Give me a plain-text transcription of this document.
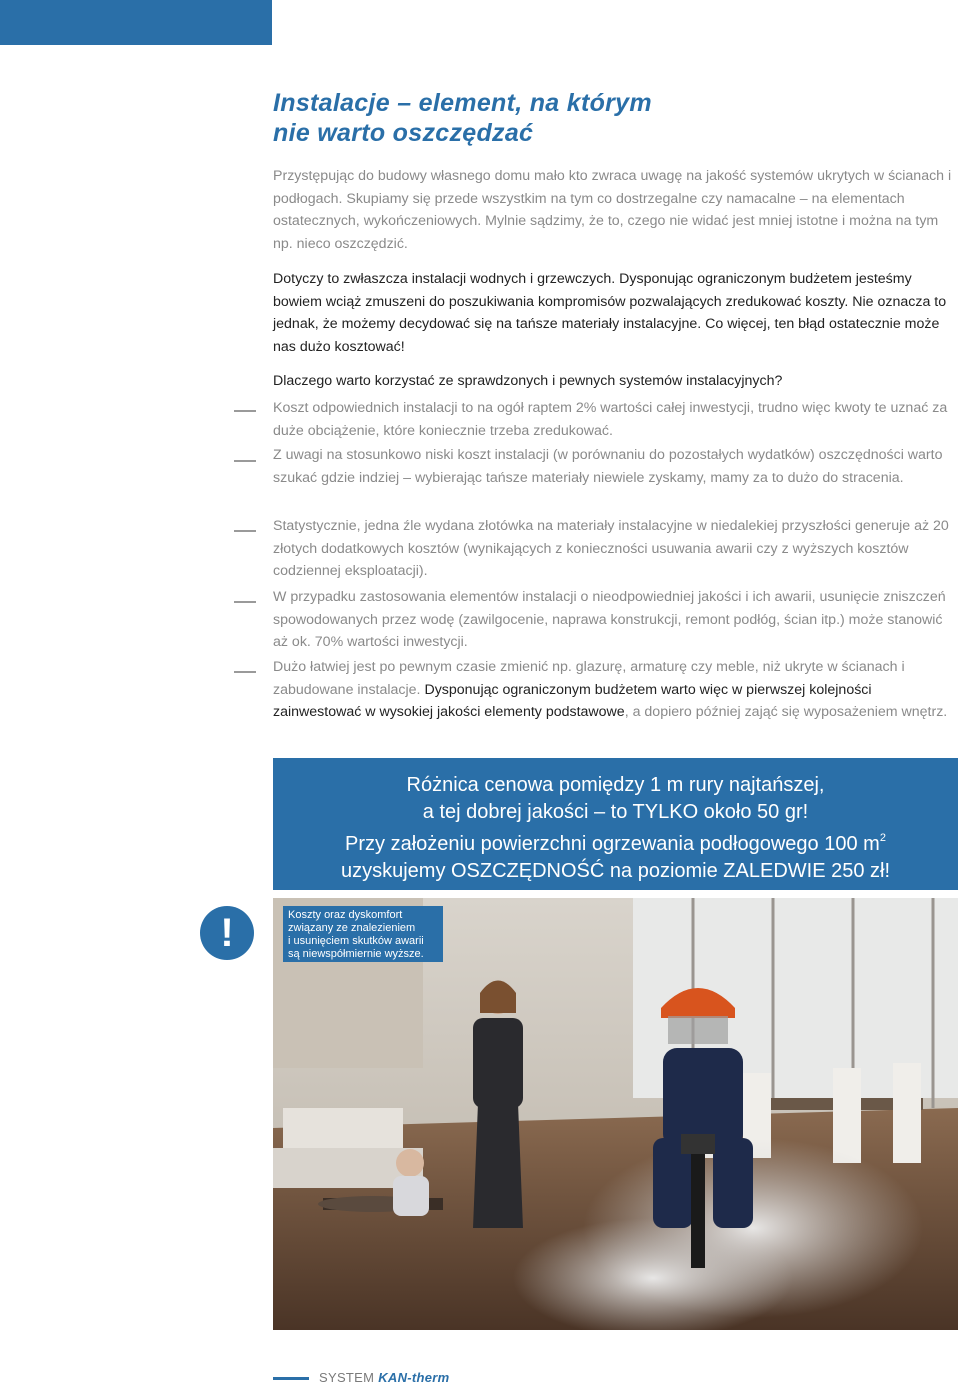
Instalacje – element, na którym
nie warto oszczędzać

Przystępując do budowy własnego domu mało kto zwraca uwagę na jakość systemów ukrytych w ścianach i podłogach. Skupiamy się przede wszystkim na tym co dostrzegalne czy namacalne – na elementach ostatecznych, wykończeniowych. Mylnie sądzimy, że to, czego nie widać jest mniej istotne i można na tym np. nieco oszczędzić.

Dotyczy to zwłaszcza instalacji wodnych i grzewczych. Dysponując ograniczonym budżetem jesteśmy bowiem wciąż zmuszeni do poszukiwania kompromisów pozwalających zredukować koszty. Nie oznacza to jednak, że możemy decydować się na tańsze materiały instalacyjne. Co więcej, ten błąd ostatecznie może nas dużo kosztować!

Dlaczego warto korzystać ze sprawdzonych i pewnych systemów instalacyjnych?

Koszt odpowiednich instalacji to na ogół raptem 2% wartości całej inwestycji, trudno więc kwoty te uznać za duże obciążenie, które koniecznie trzeba zredukować.
Z uwagi na stosunkowo niski koszt instalacji (w porównaniu do pozostałych wydatków) oszczędności warto szukać gdzie indziej – wybierając tańsze materiały niewiele zyskamy, mamy za to dużo do stracenia.
Statystycznie, jedna źle wydana złotówka na materiały instalacyjne w niedalekiej przyszłości generuje aż 20 złotych dodatkowych kosztów (wynikających z konieczności usuwania awarii czy z wyższych kosztów codziennej eksploatacji).
W przypadku zastosowania elementów instalacji o nieodpowiedniej jakości i ich awarii, usunięcie zniszczeń spowodowanych przez wodę (zawilgocenie, naprawa konstrukcji, remont podłóg, ścian itp.) może stanowić aż ok. 70% wartości inwestycji.
Dużo łatwiej jest po pewnym czasie zmienić np. glazurę, armaturę czy meble, niż ukryte w ścianach i zabudowane instalacje. Dysponując ograniczonym budżetem warto więc w pierwszej kolejności zainwestować w wysokiej jakości elementy podstawowe, a dopiero później zająć się wyposażeniem wnętrz.
Różnica cenowa pomiędzy 1 m rury najtańszej,
a tej dobrej jakości – to TYLKO około 50 gr!
Przy założeniu powierzchni ogrzewania podłogowego 100 $m^2$
uzyskujemy OSZCZĘDNOŚĆ na poziomie ZALEDWIE 250 zł!
!	Koszty oraz dyskomfort
związany ze znalezieniem
i usunięciem skutków awarii
są niewspółmiernie wyższe.
SYSTEM KAN-therm
